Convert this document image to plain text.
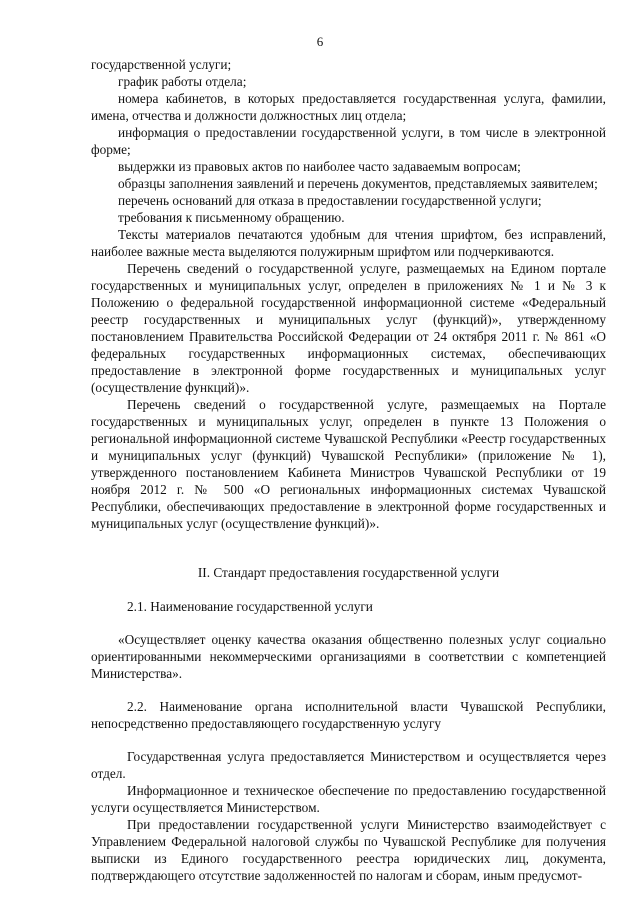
6

государственной услуги;

график работы отдела;

номера кабинетов, в которых предоставляется государственная услуга, фамилии, имена, отчества и должности должностных лиц отдела;

информация о предоставлении государственной услуги, в том числе в электронной форме;

выдержки из правовых актов по наиболее часто задаваемым вопросам;

образцы заполнения заявлений и перечень документов, представляемых заявителем;

перечень оснований для отказа в предоставлении государственной услуги;

требования к письменному обращению.

Тексты материалов печатаются удобным для чтения шрифтом, без исправлений, наиболее важные места выделяются полужирным шрифтом или подчеркиваются.

Перечень сведений о государственной услуге, размещаемых на Едином портале государственных и муниципальных услуг, определен в приложениях № 1 и № 3 к Положению о федеральной государственной информационной системе «Федеральный реестр государственных и муниципальных услуг (функций)», утвержденному постановлением Правительства Российской Федерации от 24 октября 2011 г. № 861 «О федеральных государственных информационных системах, обеспечивающих предоставление в электронной форме государственных и муниципальных услуг (осуществление функций)».

Перечень сведений о государственной услуге, размещаемых на Портале государственных и муниципальных услуг, определен в пункте 13 Положения о региональной информационной системе Чувашской Республики «Реестр государственных и муниципальных услуг (функций) Чувашской Республики» (приложение № 1), утвержденного постановлением Кабинета Министров Чувашской Республики от 19 ноября 2012 г. № 500 «О региональных информационных системах Чувашской Республики, обеспечивающих предоставление в электронной форме государственных и муниципальных услуг (осуществление функций)».

II. Стандарт предоставления государственной услуги

2.1. Наименование государственной услуги

«Осуществляет оценку качества оказания общественно полезных услуг социально ориентированными некоммерческими организациями в соответствии с компетенцией Министерства».

2.2. Наименование органа исполнительной власти Чувашской Республики, непосредственно предоставляющего государственную услугу

Государственная услуга предоставляется Министерством и осуществляется через отдел.

Информационное и техническое обеспечение по предоставлению государственной услуги осуществляется Министерством.

При предоставлении государственной услуги Министерство взаимодействует с Управлением Федеральной налоговой службы по Чувашской Республике для получения выписки из Единого государственного реестра юридических лиц, документа, подтверждающего отсутствие задолженностей по налогам и сборам, иным предусмот-
